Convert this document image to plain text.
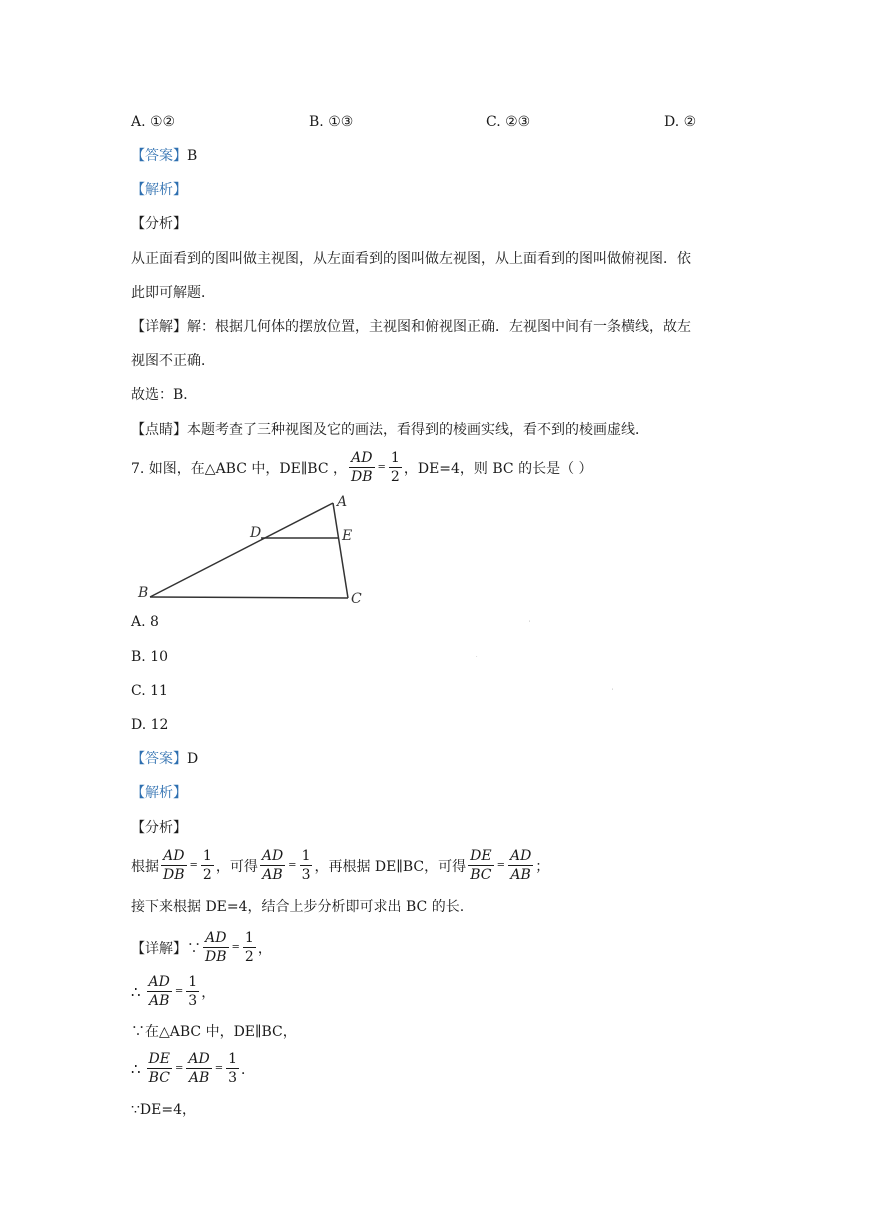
A. ①②	B. ①③	C. ②③	D. ②
【答案】B
【解析】
【分析】
从正面看到的图叫做主视图，从左面看到的图叫做左视图，从上面看到的图叫做俯视图．依
此即可解题．
【详解】解：根据几何体的摆放位置，主视图和俯视图正确．左视图中间有一条横线，故左
视图不正确．
故选：B．
【点睛】本题考查了三种视图及它的画法，看得到的棱画实线，看不到的棱画虚线．
7. 如图，在△ABC 中，DE∥BC ， $\frac{AD}{DB} = \frac{1}{2}$ ，DE=4，则 BC 的长是（ ）
A
B	C
D	E
A. 8
B. 10
C. 11
D. 12
【答案】D
【解析】
【分析】
根据 $\frac{AD}{DB} = \frac{1}{2}$ ，可得 $\frac{AD}{AB} = \frac{1}{3}$ ，再根据 DE∥BC，可得 $\frac{DE}{BC} = \frac{AD}{AB}$ ；
接下来根据 DE=4，结合上步分析即可求出 BC 的长.
【详解】∵ $\frac{AD}{DB} = \frac{1}{2}$ ，
∴ $\frac{AD}{AB} = \frac{1}{3}$ ，
∵在△ABC 中，DE∥BC，
∴ $\frac{DE}{BC} = \frac{AD}{AB} = \frac{1}{3}$ ．
∵DE=4，
'
·
'
